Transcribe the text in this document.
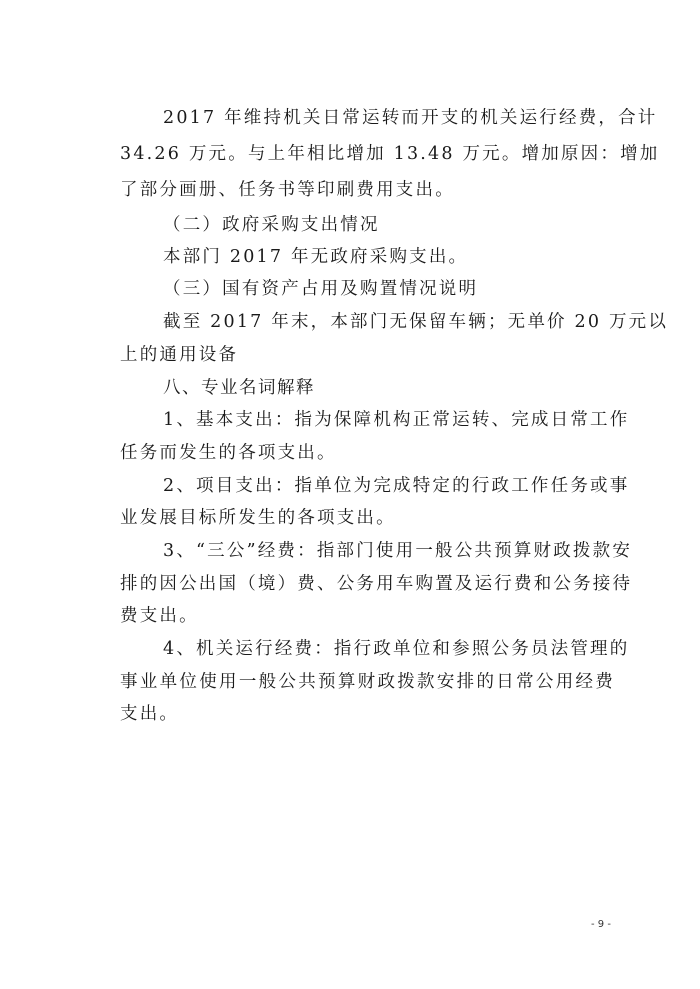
2017 年维持机关日常运转而开支的机关运行经费，合计
34.26 万元。与上年相比增加 13.48 万元。增加原因：增加
了部分画册、任务书等印刷费用支出。
（二）政府采购支出情况
本部门 2017 年无政府采购支出。
（三）国有资产占用及购置情况说明
截至 2017 年末，本部门无保留车辆；无单价 20 万元以
上的通用设备
八、专业名词解释
1、基本支出：指为保障机构正常运转、完成日常工作
任务而发生的各项支出。
2、项目支出：指单位为完成特定的行政工作任务或事
业发展目标所发生的各项支出。
3、“三公”经费：指部门使用一般公共预算财政拨款安
排的因公出国（境）费、公务用车购置及运行费和公务接待
费支出。
4、机关运行经费：指行政单位和参照公务员法管理的
事业单位使用一般公共预算财政拨款安排的日常公用经费
支出。
- 9 -
